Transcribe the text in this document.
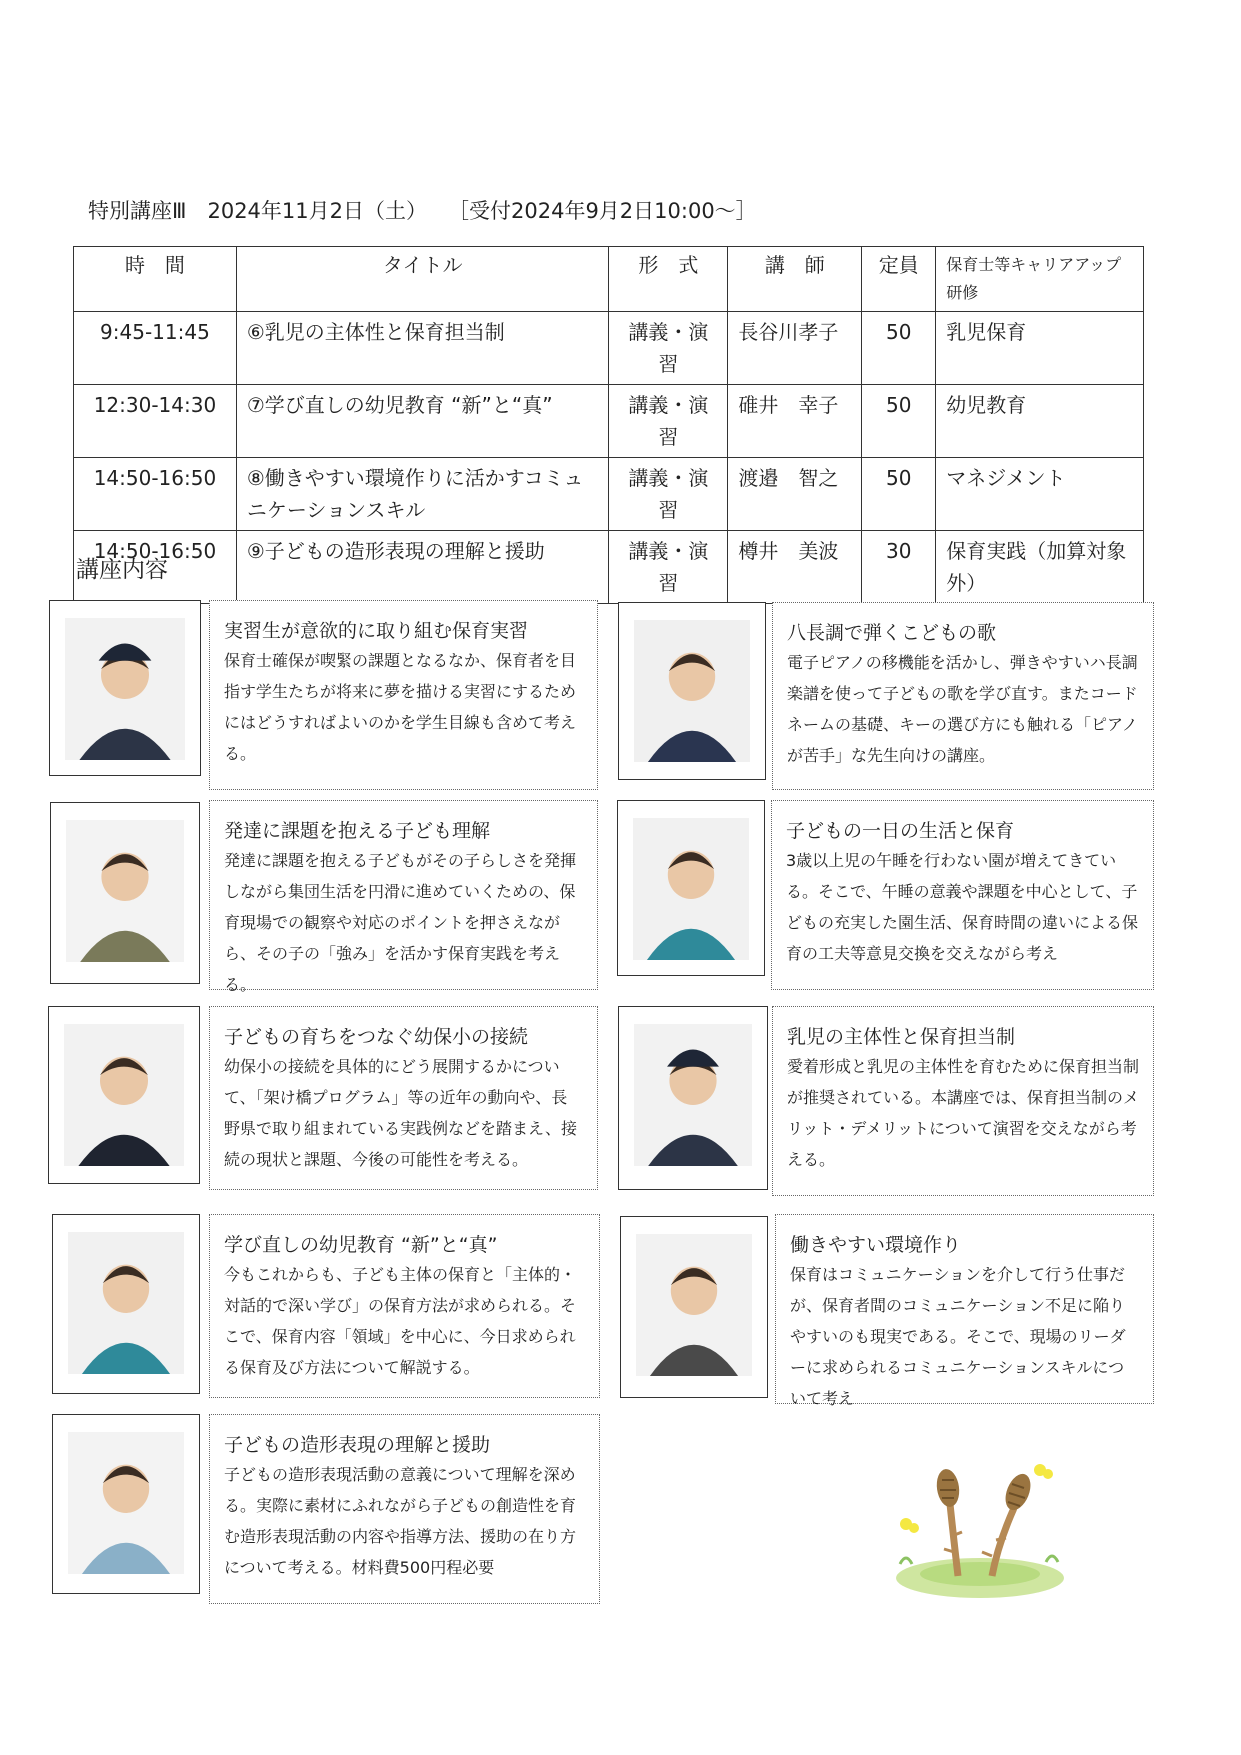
特別講座Ⅲ　2024年11月2日（土）　　［受付2024年9月2日10:00～］
時　間	タイトル	形　式	講　師	定員	保育士等キャリアアップ研修
9:45-11:45	⑥乳児の主体性と保育担当制	講義・演習	長谷川孝子	50	乳児保育
12:30-14:30	⑦学び直しの幼児教育 “新”と“真”	講義・演習	碓井　幸子	50	幼児教育
14:50-16:50	⑧働きやすい環境作りに活かすコミュニケーションスキル	講義・演習	渡邉　智之	50	マネジメント
14:50-16:50	⑨子どもの造形表現の理解と援助	講義・演習	樽井　美波	30	保育実践（加算対象外）
講座内容
実習生が意欲的に取り組む保育実習
保育士確保が喫緊の課題となるなか、保育者を目指す学生たちが将来に夢を描ける実習にするためにはどうすればよいのかを学生目線も含めて考える。
八長調で弾くこどもの歌
電子ピアノの移機能を活かし、弾きやすいハ長調楽譜を使って子どもの歌を学び直す。またコードネームの基礎、キーの選び方にも触れる「ピアノが苦手」な先生向けの講座。
発達に課題を抱える子ども理解
発達に課題を抱える子どもがその子らしさを発揮しながら集団生活を円滑に進めていくための、保育現場での観察や対応のポイントを押さえながら、その子の「強み」を活かす保育実践を考える。
子どもの一日の生活と保育
3歳以上児の午睡を行わない園が増えてきている。そこで、午睡の意義や課題を中心として、子どもの充実した園生活、保育時間の違いによる保育の工夫等意見交換を交えながら考え
子どもの育ちをつなぐ幼保小の接続
幼保小の接続を具体的にどう展開するかについて、「架け橋プログラム」等の近年の動向や、長野県で取り組まれている実践例などを踏まえ、接続の現状と課題、今後の可能性を考える。
乳児の主体性と保育担当制
愛着形成と乳児の主体性を育むために保育担当制が推奨されている。本講座では、保育担当制のメリット・デメリットについて演習を交えながら考える。
学び直しの幼児教育 “新”と“真”
今もこれからも、子ども主体の保育と「主体的・対話的で深い学び」の保育方法が求められる。そこで、保育内容「領域」を中心に、今日求められる保育及び方法について解説する。
働きやすい環境作り
保育はコミュニケーションを介して行う仕事だが、保育者間のコミュニケーション不足に陥りやすいのも現実である。そこで、現場のリーダーに求められるコミュニケーションスキルについて考え
子どもの造形表現の理解と援助
子どもの造形表現活動の意義について理解を深める。実際に素材にふれながら子どもの創造性を育む造形表現活動の内容や指導方法、援助の在り方について考える。材料費500円程必要
